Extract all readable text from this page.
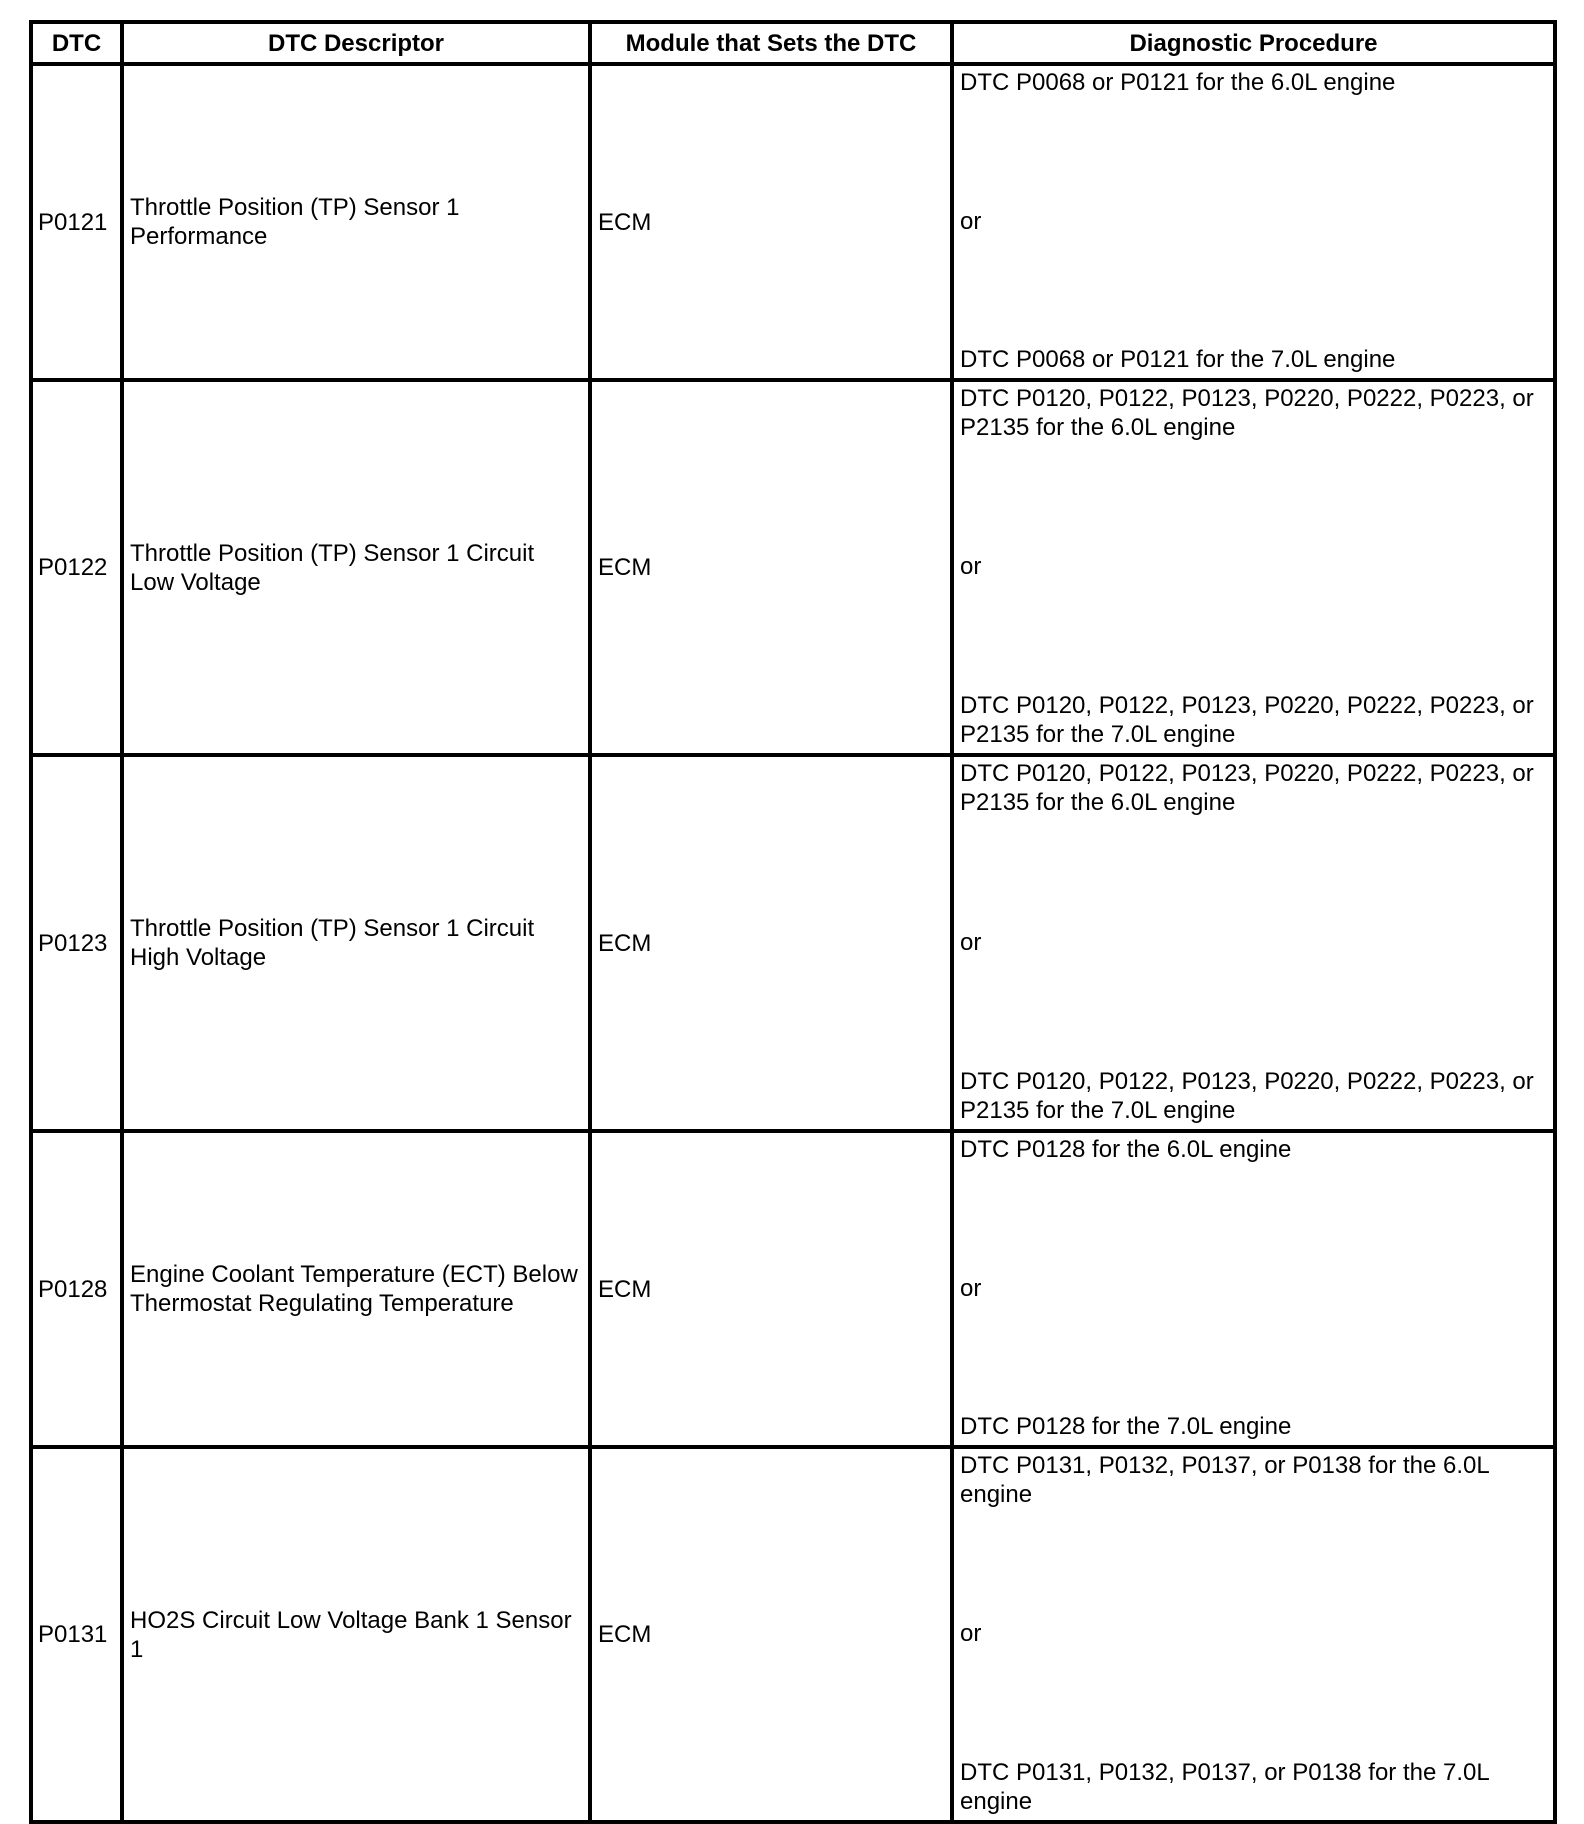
DTC	DTC Descriptor	Module that Sets the DTC	Diagnostic Procedure
P0121	Throttle Position (TP) Sensor 1 Performance	ECM	DTC P0068 or P0121 for the 6.0L engine
or
DTC P0068 or P0121 for the 7.0L engine

P0122	Throttle Position (TP) Sensor 1 Circuit Low Voltage	ECM	DTC P0120, P0122, P0123, P0220, P0222, P0223, or P2135 for the 6.0L engine
or
DTC P0120, P0122, P0123, P0220, P0222, P0223, or P2135 for the 7.0L engine

P0123	Throttle Position (TP) Sensor 1 Circuit High Voltage	ECM	DTC P0120, P0122, P0123, P0220, P0222, P0223, or P2135 for the 6.0L engine
or
DTC P0120, P0122, P0123, P0220, P0222, P0223, or P2135 for the 7.0L engine

P0128	Engine Coolant Temperature (ECT) Below Thermostat Regulating Temperature	ECM	DTC P0128 for the 6.0L engine
or
DTC P0128 for the 7.0L engine

P0131	HO2S Circuit Low Voltage Bank 1 Sensor 1	ECM	DTC P0131, P0132, P0137, or P0138 for the 6.0L engine
or
DTC P0131, P0132, P0137, or P0138 for the 7.0L engine
